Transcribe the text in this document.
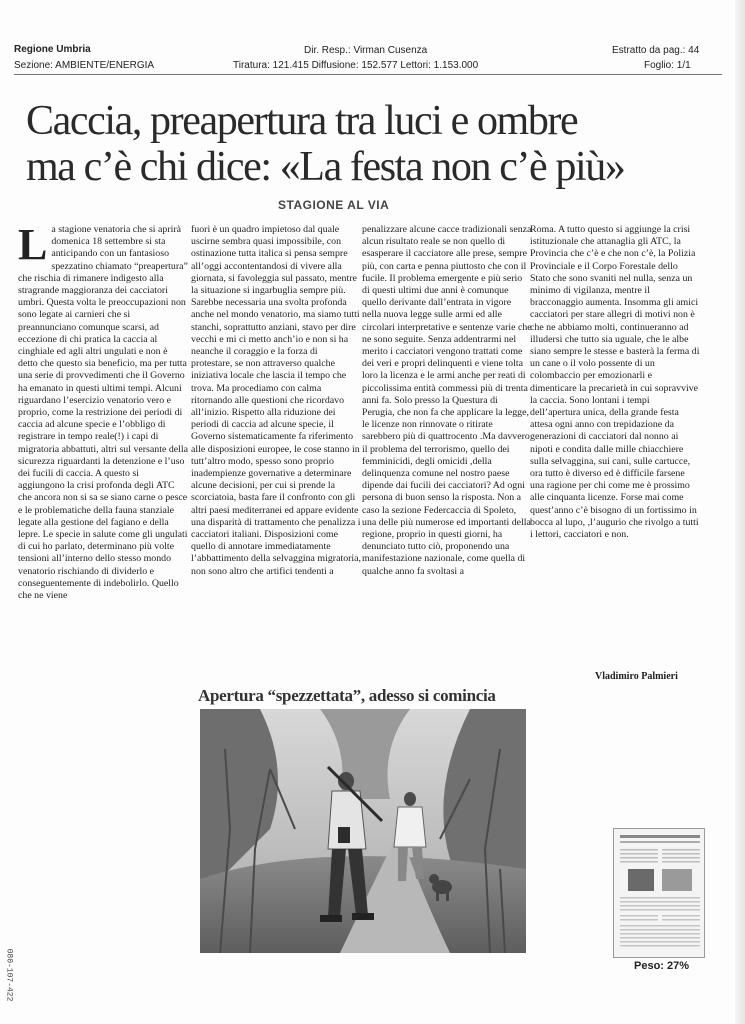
Regione Umbria
Sezione: AMBIENTE/ENERGIA
Dir. Resp.: Virman Cusenza
Tiratura: 121.415 Diffusione: 152.577 Lettori: 1.153.000
Estratto da pag.: 44
Foglio: 1/1
Caccia, preapertura tra luci e ombre
ma c’è chi dice: «La festa non c’è più»
STAGIONE AL VIA
L a stagione venatoria che si aprirà domenica 18 settembre si sta anticipando con un fantasioso spezzatino chiamato “preapertura” che rischia di rimanere indigesto alla stragrande maggioranza dei cacciatori umbri. Questa volta le preoccupazioni non sono legate ai carnieri che si preannunciano comunque scarsi, ad eccezione di chi pratica la caccia al cinghiale ed agli altri ungulati e non è detto che questo sia beneficio, ma per tutta una serie di provvedimenti che il Governo ha emanato in questi ultimi tempi. Alcuni riguardano l’esercizio venatorio vero e proprio, come la restrizione dei periodi di caccia ad alcune specie e l’obbligo di registrare in tempo reale(!) i capi di migratoria abbattuti, altri sul versante della sicurezza riguardanti la detenzione e l’uso dei fucili di caccia. A questo si aggiungono la crisi profonda degli ATC che ancora non si sa se siano carne o pesce e le problematiche della fauna stanziale legate alla gestione del fagiano e della lepre. Le specie in salute come gli ungulati di cui ho parlato, determinano più volte tensioni all’interno dello stesso mondo venatorio rischiando di dividerlo e conseguentemente di indebolirlo. Quello che ne viene

fuori è un quadro impietoso dal quale uscirne sembra quasi impossibile, con ostinazione tutta italica si pensa sempre all’oggi accontentandosi di vivere alla giornata, si favoleggia sul passato, mentre la situazione si ingarbuglia sempre più. Sarebbe necessaria una svolta profonda anche nel mondo venatorio, ma siamo tutti stanchi, soprattutto anziani, stavo per dire vecchi e mi ci metto anch’io e non si ha neanche il coraggio e la forza di protestare, se non attraverso qualche iniziativa locale che lascia il tempo che trova. Ma procediamo con calma ritornando alle questioni che ricordavo all’inizio. Rispetto alla riduzione dei periodi di caccia ad alcune specie, il Governo sistematicamente fa riferimento alle disposizioni europee, le cose stanno in tutt’altro modo, spesso sono proprio inadempienze governative a determinare alcune decisioni, per cui si prende la scorciatoia, basta fare il confronto con gli altri paesi mediterranei ed appare evidente una disparità di trattamento che penalizza i cacciatori italiani. Disposizioni come quello di annotare immediatamente l’abbattimento della selvaggina migratoria, non sono altro che artifici tendenti a

penalizzare alcune cacce tradizionali senza alcun risultato reale se non quello di esasperare il cacciatore alle prese, sempre più, con carta e penna piuttosto che con il fucile. Il problema emergente e più serio di questi ultimi due anni è comunque quello derivante dall’entrata in vigore nella nuova legge sulle armi ed alle circolari interpretative e sentenze varie che ne sono seguite. Senza addentrarmi nel merito i cacciatori vengono trattati come dei veri e propri delinquenti e viene tolta loro la licenza e le armi anche per reati di piccolissima entità commessi più di trenta anni fa. Solo presso la Questura di Perugia, che non fa che applicare la legge, le licenze non rinnovate o ritirate sarebbero più di quattrocento .Ma davvero il problema del terrorismo, quello dei femminicidi, degli omicidi ,della delinquenza comune nel nostro paese dipende dai fucili dei cacciatori? Ad ogni persona di buon senso la risposta. Non a caso la sezione Federcaccia di Spoleto, una delle più numerose ed importanti della regione, proprio in questi giorni, ha denunciato tutto ciò, proponendo una manifestazione nazionale, come quella di qualche anno fa svoltasi a

Roma. A tutto questo si aggiunge la crisi istituzionale che attanaglia gli ATC, la Provincia che c’è e che non c’è, la Polizia Provinciale e il Corpo Forestale dello Stato che sono svaniti nel nulla, senza un minimo di vigilanza, mentre il bracconaggio aumenta. Insomma gli amici cacciatori per stare allegri di motivi non è che ne abbiamo molti, continueranno ad illudersi che tutto sia uguale, che le albe siano sempre le stesse e basterà la ferma di un cane o il volo possente di un colombaccio per emozionarli e dimenticare la precarietà in cui sopravvive la caccia. Sono lontani i tempi dell’apertura unica, della grande festa attesa ogni anno con trepidazione da generazioni di cacciatori dal nonno ai nipoti e condita dalle mille chiacchiere sulla selvaggina, sui cani, sulle cartucce, ora tutto è diverso ed è difficile farsene una ragione per chi come me è prossimo alle cinquanta licenze. Forse mai come quest’anno c’è bisogno di un fortissimo in bocca al lupo, ,l’augurio che rivolgo a tutti i lettori, cacciatori e non.

Vladimiro Palmieri
Apertura “spezzettata”, adesso si comincia
Peso: 27%
080-107-422
